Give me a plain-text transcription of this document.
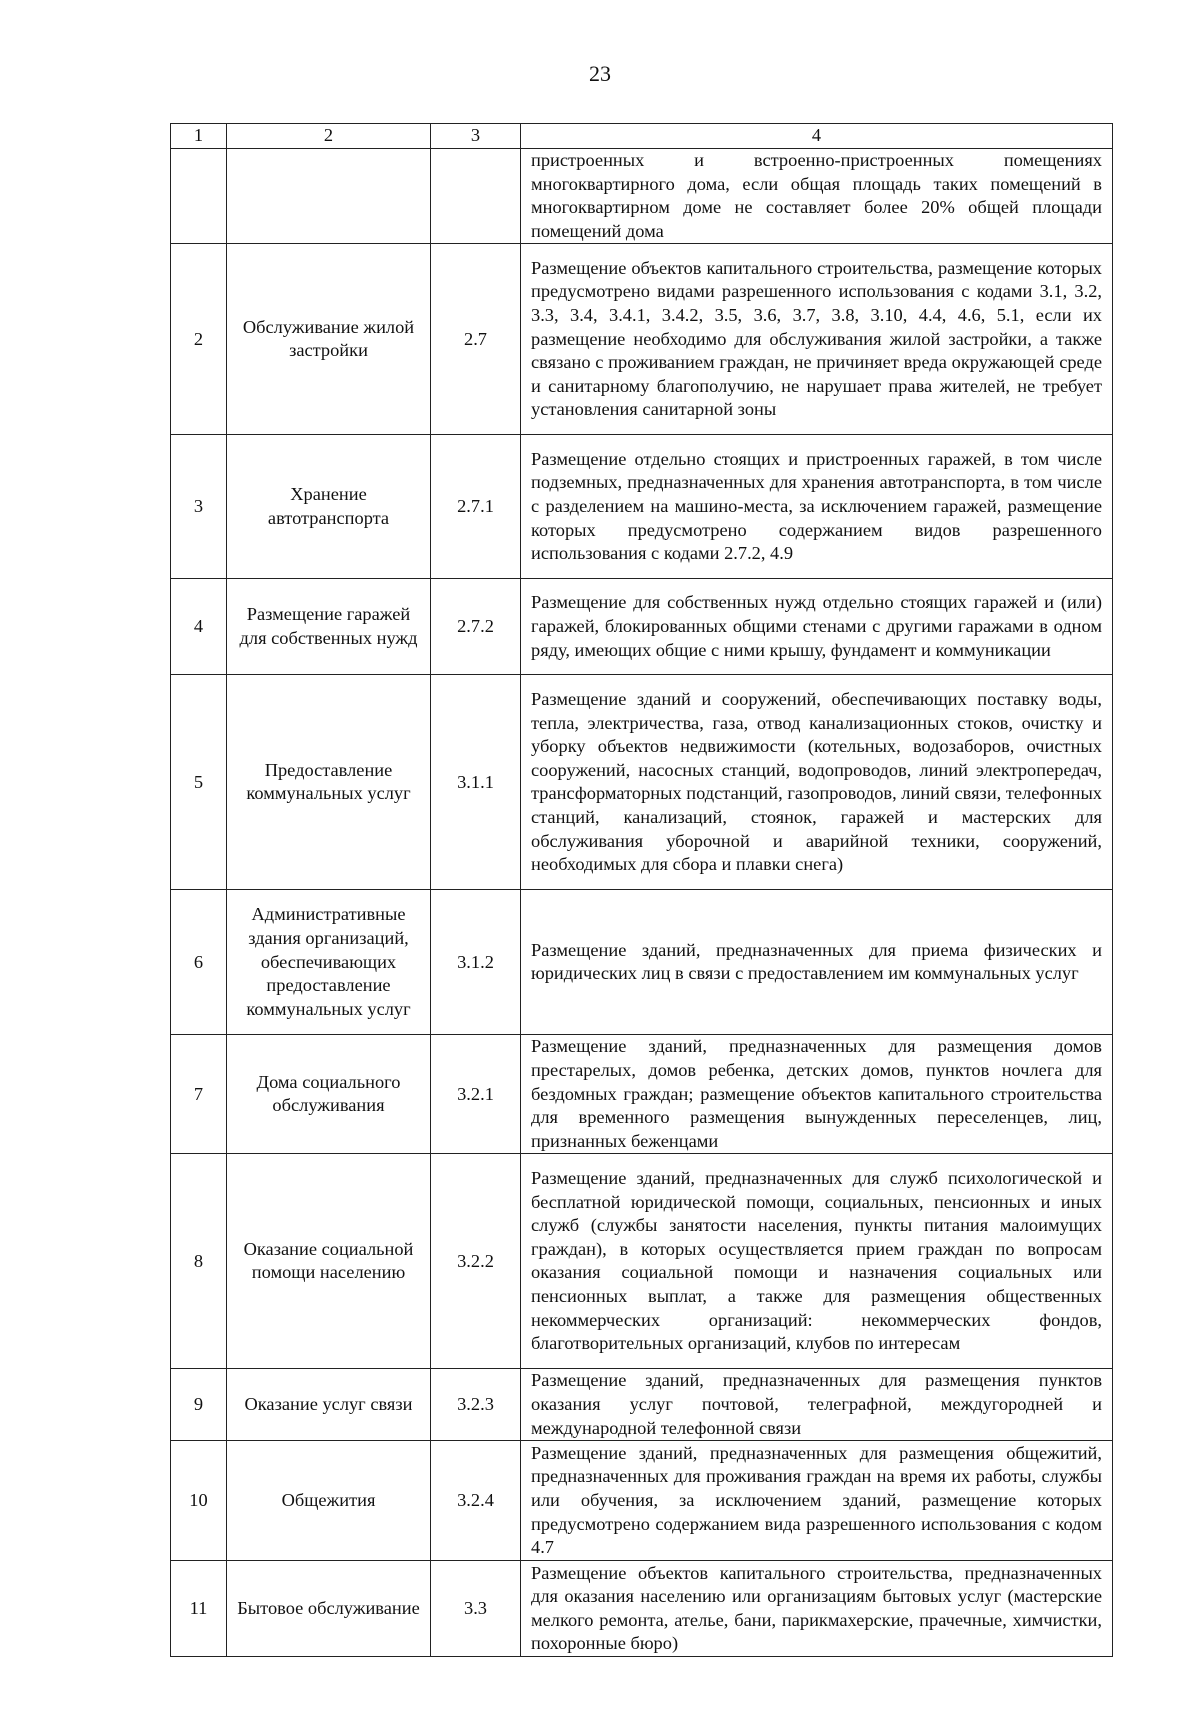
23
1	2	3	4
			пристроенных и встроенно-пристроенных помещениях многоквартирного дома, если общая площадь таких помещений в многоквартирном доме не составляет более 20% общей площади помещений дома
2	Обслуживание жилой застройки	2.7	Размещение объектов капитального строительства, размещение которых предусмотрено видами разрешенного использования с кодами 3.1, 3.2, 3.3, 3.4, 3.4.1, 3.4.2, 3.5, 3.6, 3.7, 3.8, 3.10, 4.4, 4.6, 5.1, если их размещение необходимо для обслуживания жилой застройки, а также связано с проживанием граждан, не причиняет вреда окружающей среде и санитарному благополучию, не нарушает права жителей, не требует установления санитарной зоны
3	Хранение автотранспорта	2.7.1	Размещение отдельно стоящих и пристроенных гаражей, в том числе подземных, предназначенных для хранения автотранспорта, в том числе с разделением на машино-места, за исключением гаражей, размещение которых предусмотрено содержанием видов разрешенного использования с кодами 2.7.2, 4.9
4	Размещение гаражей для собственных нужд	2.7.2	Размещение для собственных нужд отдельно стоящих гаражей и (или) гаражей, блокированных общими стенами с другими гаражами в одном ряду, имеющих общие с ними крышу, фундамент и коммуникации
5	Предоставление коммунальных услуг	3.1.1	Размещение зданий и сооружений, обеспечивающих поставку воды, тепла, электричества, газа, отвод канализационных стоков, очистку и уборку объектов недвижимости (котельных, водозаборов, очистных сооружений, насосных станций, водопроводов, линий электропередач, трансформаторных подстанций, газопроводов, линий связи, телефонных станций, канализаций, стоянок, гаражей и мастерских для обслуживания уборочной и аварийной техники, сооружений, необходимых для сбора и плавки снега)
6	Административные здания организаций, обеспечивающих предоставление коммунальных услуг	3.1.2	Размещение зданий, предназначенных для приема физических и юридических лиц в связи с предоставлением им коммунальных услуг
7	Дома социального обслуживания	3.2.1	Размещение зданий, предназначенных для размещения домов престарелых, домов ребенка, детских домов, пунктов ночлега для бездомных граждан; размещение объектов капитального строительства для временного размещения вынужденных переселенцев, лиц, признанных беженцами
8	Оказание социальной помощи населению	3.2.2	Размещение зданий, предназначенных для служб психологической и бесплатной юридической помощи, социальных, пенсионных и иных служб (службы занятости населения, пункты питания малоимущих граждан), в которых осуществляется прием граждан по вопросам оказания социальной помощи и назначения социальных или пенсионных выплат, а также для размещения общественных некоммерческих организаций: некоммерческих фондов, благотворительных организаций, клубов по интересам
9	Оказание услуг связи	3.2.3	Размещение зданий, предназначенных для размещения пунктов оказания услуг почтовой, телеграфной, междугородней и международной телефонной связи
10	Общежития	3.2.4	Размещение зданий, предназначенных для размещения общежитий, предназначенных для проживания граждан на время их работы, службы или обучения, за исключением зданий, размещение которых предусмотрено содержанием вида разрешенного использования с кодом 4.7
11	Бытовое обслуживание	3.3	Размещение объектов капитального строительства, предназначенных для оказания населению или организациям бытовых услуг (мастерские мелкого ремонта, ателье, бани, парикмахерские, прачечные, химчистки, похоронные бюро)
